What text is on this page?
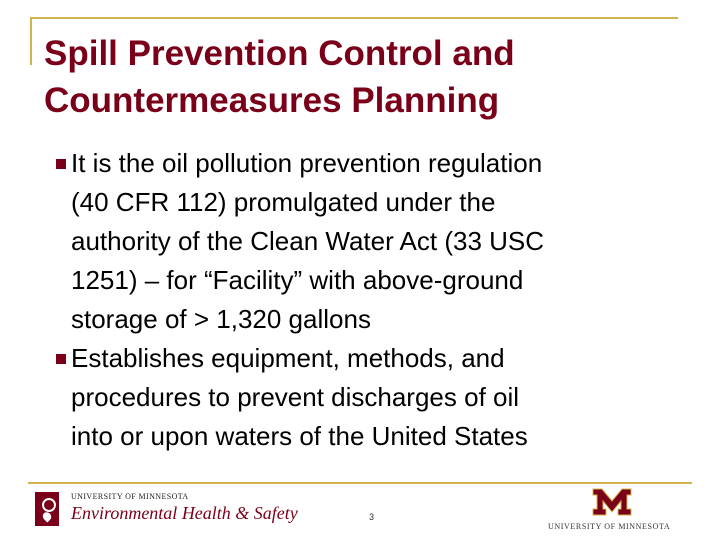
Spill Prevention Control and
Countermeasures Planning
It is the oil pollution prevention regulation
(40 CFR 112) promulgated under the
authority of the Clean Water Act (33 USC
1251) – for “Facility” with above-ground
storage of > 1,320 gallons
Establishes equipment, methods, and
procedures to prevent discharges of oil
into or upon waters of the United States
UNIVERSITY OF MINNESOTA
Environmental Health & Safety	3
UNIVERSITY OF MINNESOTA
